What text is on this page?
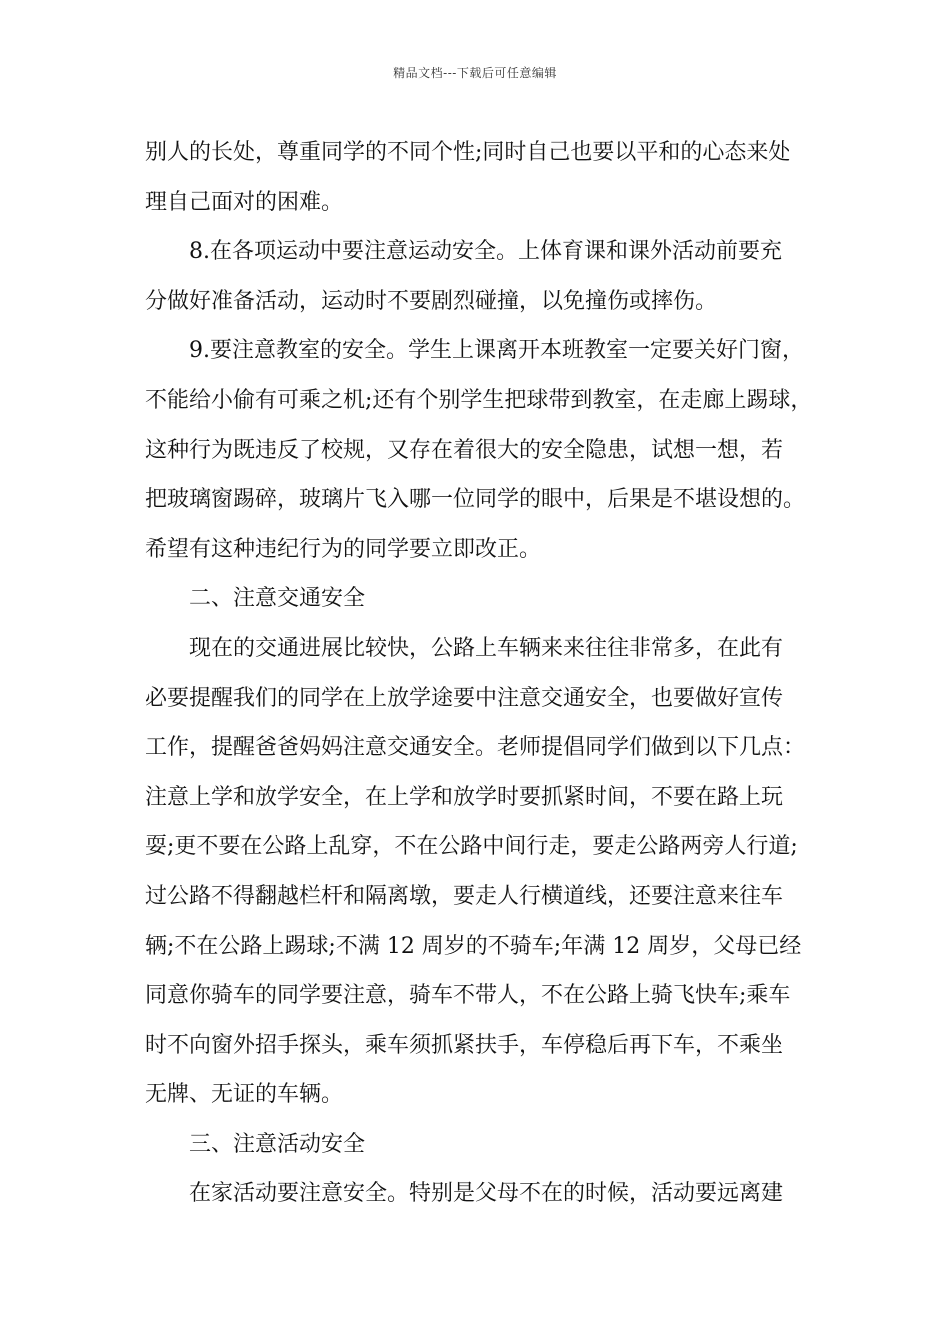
精品文档---下载后可任意编辑
别人的长处，尊重同学的不同个性;同时自己也要以平和的心态来处
理自己面对的困难。
8.在各项运动中要注意运动安全。上体育课和课外活动前要充
分做好准备活动，运动时不要剧烈碰撞，以免撞伤或摔伤。
9.要注意教室的安全。学生上课离开本班教室一定要关好门窗，
不能给小偷有可乘之机;还有个别学生把球带到教室，在走廊上踢球，
这种行为既违反了校规，又存在着很大的安全隐患，试想一想，若
把玻璃窗踢碎，玻璃片飞入哪一位同学的眼中，后果是不堪设想的。
希望有这种违纪行为的同学要立即改正。
二、注意交通安全
现在的交通进展比较快，公路上车辆来来往往非常多，在此有
必要提醒我们的同学在上放学途要中注意交通安全，也要做好宣传
工作，提醒爸爸妈妈注意交通安全。老师提倡同学们做到以下几点：
注意上学和放学安全，在上学和放学时要抓紧时间，不要在路上玩
耍;更不要在公路上乱穿，不在公路中间行走，要走公路两旁人行道;
过公路不得翻越栏杆和隔离墩，要走人行横道线，还要注意来往车
辆;不在公路上踢球;不满 12 周岁的不骑车;年满 12 周岁，父母已经
同意你骑车的同学要注意，骑车不带人，不在公路上骑飞快车;乘车
时不向窗外招手探头，乘车须抓紧扶手，车停稳后再下车，不乘坐
无牌、无证的车辆。
三、注意活动安全
在家活动要注意安全。特别是父母不在的时候，活动要远离建
